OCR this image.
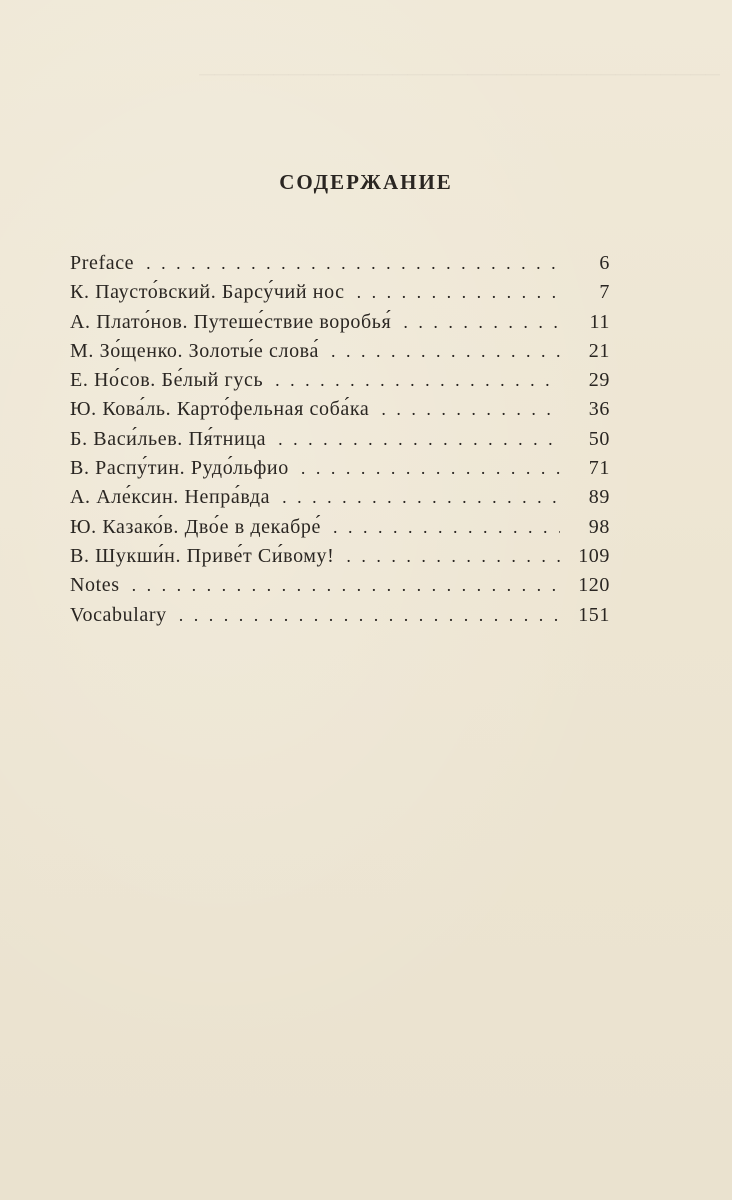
───────────────────────────────────

СОДЕРЖАНИЕ
Preface . . .	6
К. Паусто́вский. Барсу́чий нос . . .	7
А. Плато́нов. Путеше́ствие воробья́ . . .	11
М. Зо́щенко. Золоты́е слова́ . . .	21
Е. Но́сов. Бе́лый гусь . . .	29
Ю. Кова́ль. Карто́фельная соба́ка . . .	36
Б. Васи́льев. Пя́тница . . .	50
В. Распу́тин. Рудо́льфио . . .	71
А. Але́ксин. Непра́вда . . .	89
Ю. Казако́в. Дво́е в декабре́ . . .	98
В. Шукши́н. Приве́т Си́вому! . . .	109
Notes . . .	120
Vocabulary . . .	151
